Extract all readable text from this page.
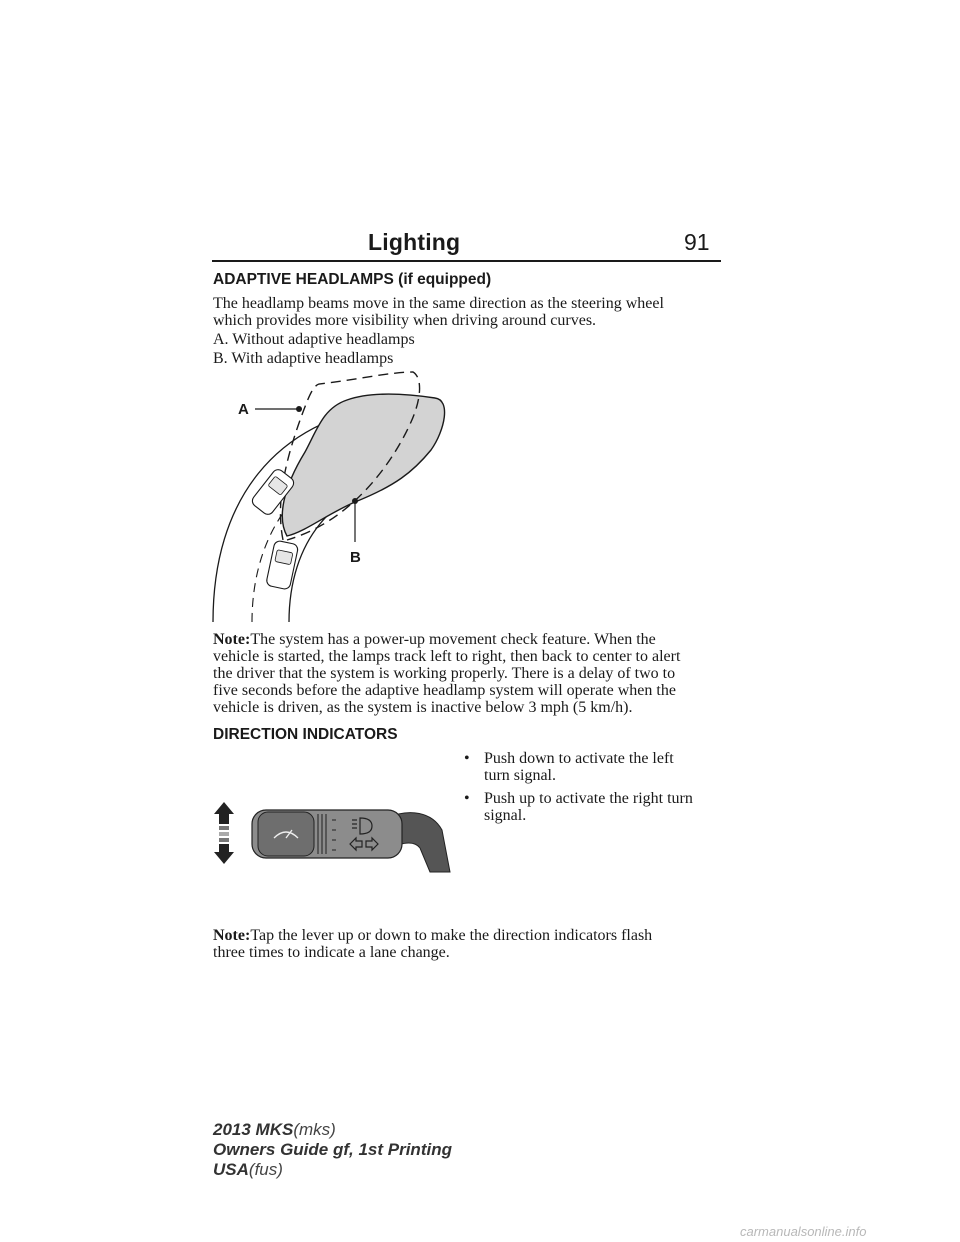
Lighting	91
ADAPTIVE HEADLAMPS (if equipped)
The headlamp beams move in the same direction as the steering wheel
which provides more visibility when driving around curves.
A. Without adaptive headlamps
B. With adaptive headlamps
A
B
Note:The system has a power-up movement check feature. When the
vehicle is started, the lamps track left to right, then back to center to alert
the driver that the system is working properly. There is a delay of two to
five seconds before the adaptive headlamp system will operate when the
vehicle is driven, as the system is inactive below 3 mph (5 km/h).
DIRECTION INDICATORS
• Push down to activate the left
turn signal.
• Push up to activate the right turn
signal.
Note:Tap the lever up or down to make the direction indicators flash
three times to indicate a lane change.
2013 MKS(mks)
Owners Guide gf, 1st Printing
USA(fus)
carmanualsonline.info
